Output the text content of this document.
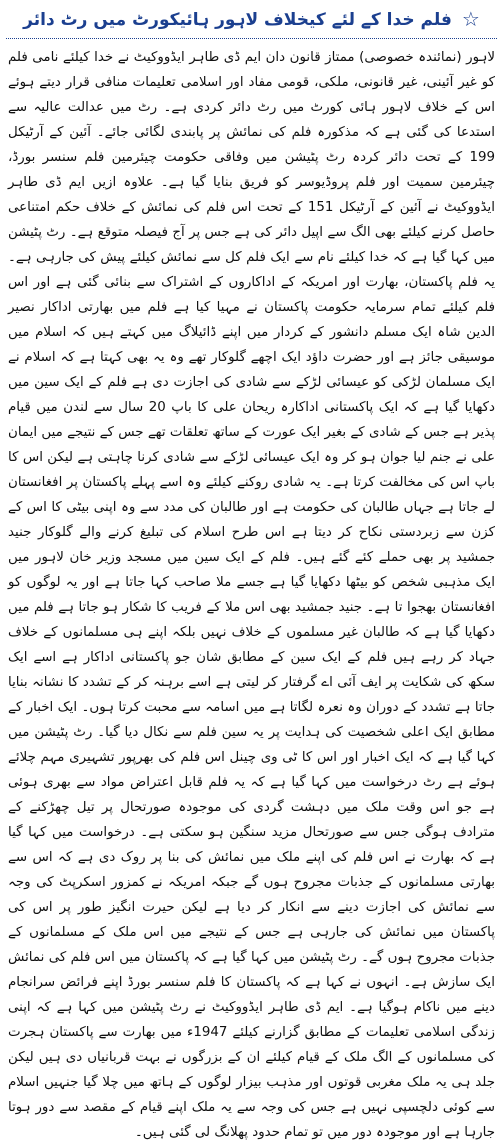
☆
فلم خدا کے لئے کیخلاف لاہور ہائیکورٹ میں رٹ دائر

لاہور (نمائندہ خصوصی) ممتاز قانون دان ایم ڈی طاہر ایڈووکیٹ نے خدا کیلئے نامی فلم کو غیر آئینی، غیر قانونی، ملکی، قومی مفاد اور اسلامی تعلیمات منافی قرار دیتے ہوئے اس کے خلاف لاہور ہائی کورٹ میں رٹ دائر کردی ہے۔ رٹ میں عدالت عالیہ سے استدعا کی گئی ہے کہ مذکورہ فلم کی نمائش پر پابندی لگائی جائے۔ آئین کے آرٹیکل 199 کے تحت دائر کردہ رٹ پٹیشن میں وفاقی حکومت چیئرمین فلم سنسر بورڈ، چیئرمین سمیت اور فلم پروڈیوسر کو فریق بنایا گیا ہے۔ علاوہ ازیں ایم ڈی طاہر ایڈووکیٹ نے آئین کے آرٹیکل 151 کے تحت اس فلم کی نمائش کے خلاف حکم امتناعی حاصل کرنے کیلئے بھی الگ سے اپیل دائر کی ہے جس پر آج فیصلہ متوقع ہے۔ رٹ پٹیشن میں کہا گیا ہے کہ خدا کیلئے نام سے ایک فلم کل سے نمائش کیلئے پیش کی جارہی ہے۔ یہ فلم پاکستان، بھارت اور امریکہ کے اداکاروں کے اشتراک سے بنائی گئی ہے اور اس فلم کیلئے تمام سرمایہ حکومت پاکستان نے مہیا کیا ہے فلم میں بھارتی اداکار نصیر الدین شاہ ایک مسلم دانشور کے کردار میں اپنے ڈائیلاگ میں کہتے ہیں کہ اسلام میں موسیقی جائز ہے اور حضرت داؤد ایک اچھے گلوکار تھے وہ یہ بھی کہتا ہے کہ اسلام نے ایک مسلمان لڑکی کو عیسائی لڑکے سے شادی کی اجازت دی ہے فلم کے ایک سین میں دکھایا گیا ہے کہ ایک پاکستانی اداکارہ ریحان علی کا باپ 20 سال سے لندن میں قیام پذیر ہے جس کے شادی کے بغیر ایک عورت کے ساتھ تعلقات تھے جس کے نتیجے میں ایمان علی نے جنم لیا جوان ہو کر وہ ایک عیسائی لڑکے سے شادی کرنا چاہتی ہے لیکن اس کا باپ اس کی مخالفت کرتا ہے۔ یہ شادی روکنے کیلئے وہ اسے پہلے پاکستان پر افغانستان لے جاتا ہے جہاں طالبان کی حکومت ہے اور طالبان کی مدد سے وہ اپنی بیٹی کا اس کے کزن سے زبردستی نکاح کر دیتا ہے اس طرح اسلام کی تبلیغ کرنے والے گلوکار جنید جمشید پر بھی حملے کئے گئے ہیں۔ فلم کے ایک سین میں مسجد وزیر خان لاہور میں ایک مذہبی شخص کو بیٹھا دکھایا گیا ہے جسے ملا صاحب کہا جاتا ہے اور یہ لوگوں کو افغانستان بھجوا تا ہے۔ جنید جمشید بھی اس ملا کے فریب کا شکار ہو جاتا ہے فلم میں دکھایا گیا ہے کہ طالبان غیر مسلموں کے خلاف نہیں بلکہ اپنے ہی مسلمانوں کے خلاف جہاد کر رہے ہیں فلم کے ایک سین کے مطابق شان جو پاکستانی اداکار ہے اسے ایک سکھ کی شکایت پر ایف آئی اے گرفتار کر لیتی ہے اسے برہنہ کر کے تشدد کا نشانہ بنایا جاتا ہے تشدد کے دوران وہ نعرہ لگاتا ہے میں اسامہ سے محبت کرتا ہوں۔ ایک اخبار کے مطابق ایک اعلی شخصیت کی ہدایت پر یہ سین فلم سے نکال دیا گیا۔ رٹ پٹیشن میں کہا گیا ہے کہ ایک اخبار اور اس کا ٹی وی چینل اس فلم کی بھرپور تشہیری مہم چلائے ہوئے ہے رٹ درخواست میں کہا گیا ہے کہ یہ فلم قابل اعتراض مواد سے بھری ہوئی ہے جو اس وقت ملک میں دہشت گردی کی موجودہ صورتحال پر تیل چھڑکنے کے مترادف ہوگی جس سے صورتحال مزید سنگین ہو سکتی ہے۔ درخواست میں کہا گیا ہے کہ بھارت نے اس فلم کی اپنے ملک میں نمائش کی بنا پر روک دی ہے کہ اس سے بھارتی مسلمانوں کے جذبات مجروح ہوں گے جبکہ امریکہ نے کمزور اسکرپٹ کی وجہ سے نمائش کی اجازت دینے سے انکار کر دیا ہے لیکن حیرت انگیز طور پر اس کی پاکستان میں نمائش کی جارہی ہے جس کے نتیجے میں اس ملک کے مسلمانوں کے جذبات مجروح ہوں گے۔ رٹ پٹیشن میں کہا گیا ہے کہ پاکستان میں اس فلم کی نمائش ایک سازش ہے۔ انہوں نے کہا ہے کہ پاکستان کا فلم سنسر بورڈ اپنے فرائض سرانجام دینے میں ناکام ہوگیا ہے۔ ایم ڈی طاہر ایڈووکیٹ نے رٹ پٹیشن میں کہا ہے کہ اپنی زندگی اسلامی تعلیمات کے مطابق گزارنے کیلئے 1947ء میں بھارت سے پاکستان ہجرت کی مسلمانوں کے الگ ملک کے قیام کیلئے ان کے بزرگوں نے بہت قربانیاں دی ہیں لیکن جلد ہی یہ ملک مغربی قوتوں اور مذہب بیزار لوگوں کے ہاتھ میں چلا گیا جنہیں اسلام سے کوئی دلچسپی نہیں ہے جس کی وجہ سے یہ ملک اپنے قیام کے مقصد سے دور ہوتا جارہا ہے اور موجودہ دور میں تو تمام حدود پھلانگ لی گئی ہیں۔
